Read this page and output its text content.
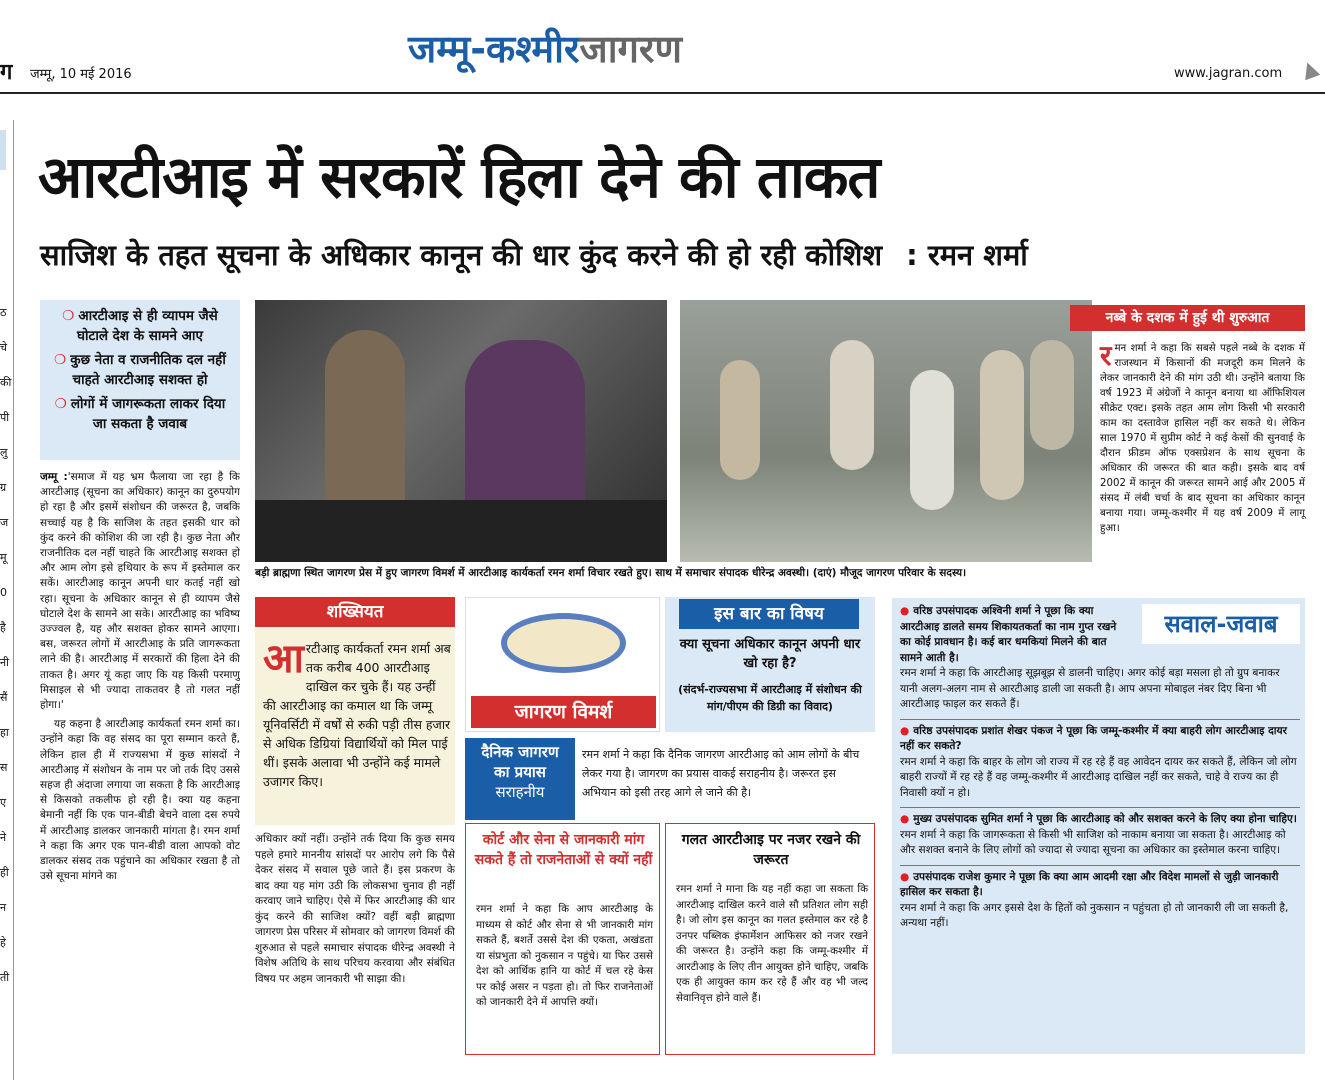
ग जम्मू, 10 मई 2016
जम्मू-कश्मीरजागरण
www.jagran.com
ठ
चे
की
पी
लु
ग्र
ज
मू
0
है
नी
सैं
हा
स
ए
ने
ही
न
हे
ती
आरटीआइ में सरकारें हिला देने की ताकत
साजिश के तहत सूचना के अधिकार कानून की धार कुंद करने की हो रही कोशिश : रमन शर्मा

❍ आरटीआइ से ही व्यापम जैसे घोटाले देश के सामने आए

❍ कुछ नेता व राजनीतिक दल नहीं चाहते आरटीआइ सशक्त हो

❍ लोगों में जागरूकता लाकर दिया जा सकता है जवाब

जम्मू :'समाज में यह भ्रम फैलाया जा रहा है कि आरटीआइ (सूचना का अधिकार) कानून का दुरुपयोग हो रहा है और इसमें संशोधन की जरूरत है, जबकि सच्चाई यह है कि साजिश के तहत इसकी धार को कुंद करने की कोशिश की जा रही है। कुछ नेता और राजनीतिक दल नहीं चाहते कि आरटीआइ सशक्त हो और आम लोग इसे हथियार के रूप में इस्तेमाल कर सकें। आरटीआइ कानून अपनी धार कतई नहीं खो रहा। सूचना के अधिकार कानून से ही व्यापम जैसे घोटाले देश के सामने आ सके। आरटीआइ का भविष्य उज्ज्वल है, यह और सशक्त होकर सामने आएगा। बस, जरूरत लोगों में आरटीआइ के प्रति जागरूकता लाने की है। आरटीआइ में सरकारों की हिला देने की ताकत है। अगर यूं कहा जाए कि यह किसी परमाणु मिसाइल से भी ज्यादा ताकतवर है तो गलत नहीं होगा।'

यह कहना है आरटीआइ कार्यकर्ता रमन शर्मा का। उन्होंने कहा कि वह संसद का पूरा सम्मान करते हैं, लेकिन हाल ही में राज्यसभा में कुछ सांसदों ने आरटीआइ में संशोधन के नाम पर जो तर्क दिए उससे सहज ही अंदाजा लगाया जा सकता है कि आरटीआइ से किसको तकलीफ हो रही है। क्या यह कहना बेमानी नहीं कि एक पान-बीडी बेचने वाला दस रुपये में आरटीआइ डालकर जानकारी मांगता है। रमन शर्मा ने कहा कि अगर एक पान-बीडी वाला आपको वोट डालकर संसद तक पहुंचाने का अधिकार रखता है तो उसे सूचना मांगने का

बड़ी ब्राह्मणा स्थित जागरण प्रेस में हुए जागरण विमर्श में आरटीआइ कार्यकर्ता रमन शर्मा विचार रखते हुए। साथ में समाचार संपादक धीरेन्द्र अवस्थी। (दाएं) मौजूद जागरण परिवार के सदस्य।
नब्बे के दशक में हुई थी शुरुआत
रमन शर्मा ने कहा कि सबसे पहले नब्बे के दशक में राजस्थान में किसानों की मजदूरी कम मिलने के लेकर जानकारी देने की मांग उठी थी। उन्होंने बताया कि वर्ष 1923 में अंग्रेजों ने कानून बनाया था ऑफिशियल सीक्रेट एक्ट। इसके तहत आम लोग किसी भी सरकारी काम का दस्तावेज हासिल नहीं कर सकते थे। लेकिन साल 1970 में सुप्रीम कोर्ट ने कई केसों की सुनवाई के दौरान फ्रीडम ऑफ एक्सप्रेशन के साथ सूचना के अधिकार की जरूरत की बात कही। इसके बाद वर्ष 2002 में कानून की जरूरत सामने आई और 2005 में संसद में लंबी चर्चा के बाद सूचना का अधिकार कानून बनाया गया। जम्मू-कश्मीर में यह वर्ष 2009 में लागू हुआ।
शख्सियत
आरटीआइ कार्यकर्ता रमन शर्मा अब तक करीब 400 आरटीआइ दाखिल कर चुके हैं। यह उन्हीं की आरटीआइ का कमाल था कि जम्मू यूनिवर्सिटी में वर्षों से रुकी पड़ी तीस हजार से अधिक डिग्रियां विद्यार्थियों को मिल पाई थीं। इसके अलावा भी उन्होंने कई मामले उजागर किए।
जागरण विमर्श
इस बार का विषय
क्या सूचना अधिकार कानून अपनी धार खो रहा है?
(संदर्भ-राज्यसभा में आरटीआइ में संशोधन की मांग/पीएम की डिग्री का विवाद)
दैनिक जागरण
का प्रयास
सराहनीय
रमन शर्मा ने कहा कि दैनिक जागरण आरटीआइ को आम लोगों के बीच लेकर गया है। जागरण का प्रयास वाकई सराहनीय है। जरूरत इस अभियान को इसी तरह आगे ले जाने की है।
अधिकार क्यों नहीं। उन्होंने तर्क दिया कि कुछ समय पहले हमारे माननीय सांसदों पर आरोप लगे कि पैसे देकर संसद में सवाल पूछे जाते हैं। इस प्रकरण के बाद क्या यह मांग उठी कि लोकसभा चुनाव ही नहीं करवाए जाने चाहिए। ऐसे में फिर आरटीआइ की धार कुंद करने की साजिश क्यों? वहीं बड़ी ब्राह्मणा जागरण प्रेस परिसर में सोमवार को जागरण विमर्श की शुरुआत से पहले समाचार संपादक धीरेन्द्र अवस्थी ने विशेष अतिथि के साथ परिचय करवाया और संबंधित विषय पर अहम जानकारी भी साझा की।
कोर्ट और सेना से जानकारी मांग सकते हैं तो राजनेताओं से क्यों नहीं
रमन शर्मा ने कहा कि आप आरटीआइ के माध्यम से कोर्ट और सेना से भी जानकारी मांग सकते हैं, बशर्ते उससे देश की एकता, अखंडता या संप्रभुता को नुकसान न पहुंचे। या फिर उससे देश को आर्थिक हानि या कोर्ट में चल रहे केस पर कोई असर न पड़ता हो। तो फिर राजनेताओं को जानकारी देने में आपत्ति क्यों।
गलत आरटीआइ पर नजर रखने की जरूरत
रमन शर्मा ने माना कि यह नहीं कहा जा सकता कि आरटीआइ दाखिल करने वाले सौ प्रतिशत लोग सही है। जो लोग इस कानून का गलत इस्तेमाल कर रहे है उनपर पब्लिक इंफार्मेशन आफिसर को नजर रखने की जरूरत है। उन्होंने कहा कि जम्मू-कश्मीर में आरटीआइ के लिए तीन आयुक्त होने चाहिए, जबकि एक ही आयुक्त काम कर रहे हैं और वह भी जल्द सेवानिवृत्त होने वाले हैं।
सवाल-जवाब

● वरिष्ठ उपसंपादक अश्विनी शर्मा ने पूछा कि क्या आरटीआइ डालते समय शिकायतकर्ता का नाम गुप्त रखने का कोई प्रावधान है। कई बार धमकियां मिलने की बात सामने आती है।

रमन शर्मा ने कहा कि आरटीआइ सूझबूझ से डालनी चाहिए। अगर कोई बड़ा मसला हो तो ग्रुप बनाकर यानी अलग-अलग नाम से आरटीआइ डाली जा सकती है। आप अपना मोबाइल नंबर दिए बिना भी आरटीआइ फाइल कर सकते हैं।

● वरिष्ठ उपसंपादक प्रशांत शेखर पंकज ने पूछा कि जम्मू-कश्मीर में क्या बाहरी लोग आरटीआइ दायर नहीं कर सकते?

रमन शर्मा ने कहा कि बाहर के लोग जो राज्य में रह रहे हैं वह आवेदन दायर कर सकते हैं, लेकिन जो लोग बाहरी राज्यों में रह रहे हैं वह जम्मू-कश्मीर में आरटीआइ दाखिल नहीं कर सकते, चाहे वे राज्य का ही निवासी क्यों न हो।

● मुख्य उपसंपादक सुमित शर्मा ने पूछा कि आरटीआइ को और सशक्त करने के लिए क्या होना चाहिए।

रमन शर्मा ने कहा कि जागरूकता से किसी भी साजिश को नाकाम बनाया जा सकता है। आरटीआइ को और सशक्त बनाने के लिए लोगों को ज्यादा से ज्यादा सूचना का अधिकार का इस्तेमाल करना चाहिए।

● उपसंपादक राजेश कुमार ने पूछा कि क्या आम आदमी रक्षा और विदेश मामलों से जुड़ी जानकारी हासिल कर सकता है।

रमन शर्मा ने कहा कि अगर इससे देश के हितों को नुकसान न पहुंचता हो तो जानकारी ली जा सकती है, अन्यथा नहीं।
